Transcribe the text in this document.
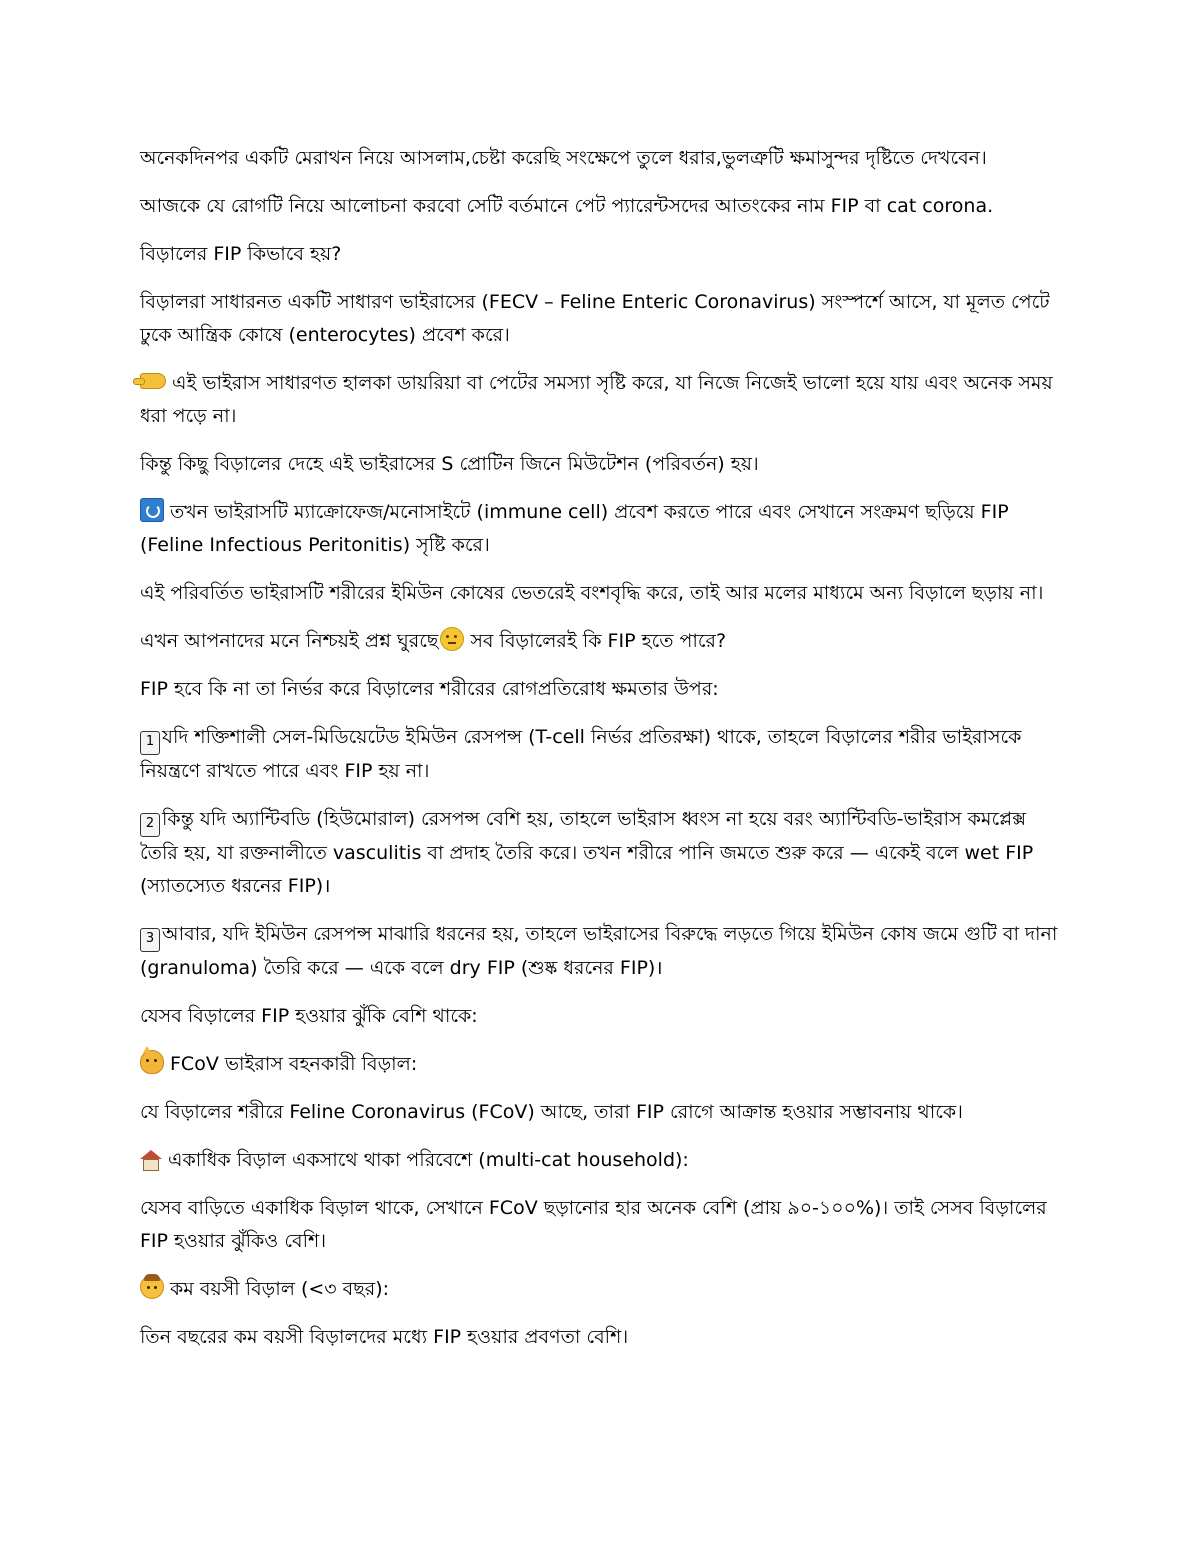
অনেকদিনপর একটি মেরাথন নিয়ে আসলাম,চেষ্টা করেছি সংক্ষেপে তুলে ধরার,ভুলত্রুটি ক্ষমাসুন্দর দৃষ্টিতে দেখবেন।

আজকে যে রোগটি নিয়ে আলোচনা করবো সেটি বর্তমানে পেট প্যারেন্টসদের আতংকের নাম FIP বা cat corona.

বিড়ালের FIP কিভাবে হয়?

বিড়ালরা সাধারনত একটি সাধারণ ভাইরাসের (FECV – Feline Enteric Coronavirus) সংস্পর্শে আসে, যা মূলত পেটে ঢুকে আন্ত্রিক কোষে (enterocytes) প্রবেশ করে।

এই ভাইরাস সাধারণত হালকা ডায়রিয়া বা পেটের সমস্যা সৃষ্টি করে, যা নিজে নিজেই ভালো হয়ে যায় এবং অনেক সময় ধরা পড়ে না।

কিন্তু কিছু বিড়ালের দেহে এই ভাইরাসের S প্রোটিন জিনে মিউটেশন (পরিবর্তন) হয়।

তখন ভাইরাসটি ম্যাক্রোফেজ/মনোসাইটে (immune cell) প্রবেশ করতে পারে এবং সেখানে সংক্রমণ ছড়িয়ে FIP (Feline Infectious Peritonitis) সৃষ্টি করে।

এই পরিবর্তিত ভাইরাসটি শরীরের ইমিউন কোষের ভেতরেই বংশবৃদ্ধি করে, তাই আর মলের মাধ্যমে অন্য বিড়ালে ছড়ায় না।

এখন আপনাদের মনে নিশ্চয়ই প্রশ্ন ঘুরছে সব বিড়ালেরই কি FIP হতে পারে?

FIP হবে কি না তা নির্ভর করে বিড়ালের শরীরের রোগপ্রতিরোধ ক্ষমতার উপর:

1 যদি শক্তিশালী সেল-মিডিয়েটেড ইমিউন রেসপন্স (T-cell নির্ভর প্রতিরক্ষা) থাকে, তাহলে বিড়ালের শরীর ভাইরাসকে নিয়ন্ত্রণে রাখতে পারে এবং FIP হয় না।

2 কিন্তু যদি অ্যান্টিবডি (হিউমোরাল) রেসপন্স বেশি হয়, তাহলে ভাইরাস ধ্বংস না হয়ে বরং অ্যান্টিবডি-ভাইরাস কমপ্লেক্স তৈরি হয়, যা রক্তনালীতে vasculitis বা প্রদাহ তৈরি করে। তখন শরীরে পানি জমতে শুরু করে — একেই বলে wet FIP (স্যাতস্যেত ধরনের FIP)।

3 আবার, যদি ইমিউন রেসপন্স মাঝারি ধরনের হয়, তাহলে ভাইরাসের বিরুদ্ধে লড়তে গিয়ে ইমিউন কোষ জমে গুটি বা দানা (granuloma) তৈরি করে — একে বলে dry FIP (শুষ্ক ধরনের FIP)।

যেসব বিড়ালের FIP হওয়ার ঝুঁকি বেশি থাকে:

FCoV ভাইরাস বহনকারী বিড়াল:

যে বিড়ালের শরীরে Feline Coronavirus (FCoV) আছে, তারা FIP রোগে আক্রান্ত হওয়ার সম্ভাবনায় থাকে।

একাধিক বিড়াল একসাথে থাকা পরিবেশে (multi-cat household):

যেসব বাড়িতে একাধিক বিড়াল থাকে, সেখানে FCoV ছড়ানোর হার অনেক বেশি (প্রায় ৯০-১০০%)। তাই সেসব বিড়ালের FIP হওয়ার ঝুঁকিও বেশি।

কম বয়সী বিড়াল (<৩ বছর):

তিন বছরের কম বয়সী বিড়ালদের মধ্যে FIP হওয়ার প্রবণতা বেশি।
